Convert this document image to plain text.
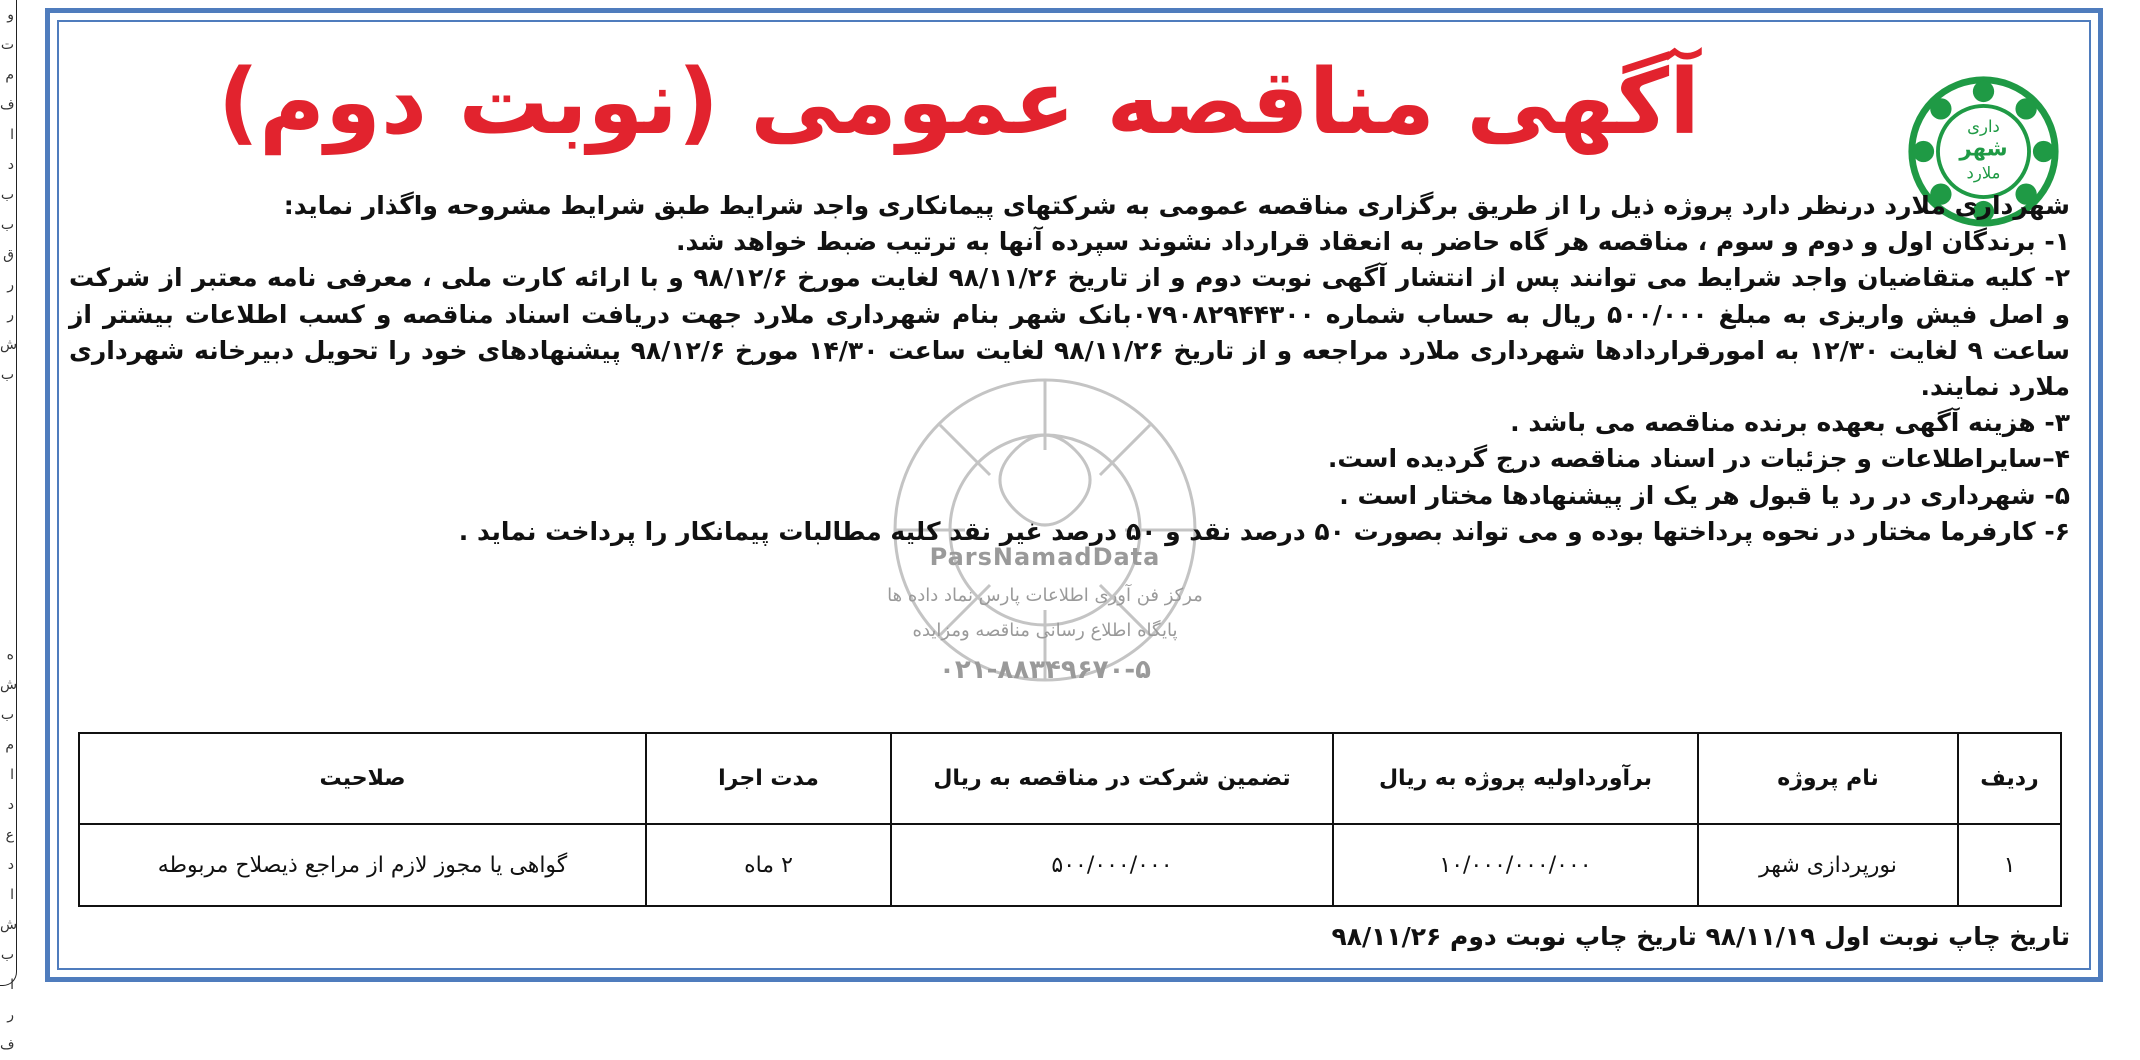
و
ت
م
ف
ا
د
ب
ب
ق
ر
ر
ش
ب
ه
ش
ب
م
ا
د
ع
د
ا
ش
ب
ا
ر
ف
داری
شهر
ملارد
آگهی مناقصه عمومی (نوبت دوم)
ParsNamadData
مرکز فن آوری اطلاعات پارس نماد داده ها
پایگاه اطلاع رسانی مناقصه ومزایده
۰۲۱-۸۸۳۴۹۶۷۰-۵

شهرداری ملارد درنظر دارد پروژه ذیل را از طریق برگزاری مناقصه عمومی به شرکتهای پیمانکاری واجد شرایط طبق شرایط مشروحه واگذار نماید:

۱- برندگان اول و دوم و سوم ، مناقصه هر گاه حاضر به انعقاد قرارداد نشوند سپرده آنها به ترتیب ضبط خواهد شد.

۲- کلیه متقاضیان واجد شرایط می توانند پس از انتشار آگهی نوبت دوم و از تاریخ ۹۸/۱۱/۲۶ لغایت مورخ ۹۸/۱۲/۶ و با ارائه کارت ملی ، معرفی نامه معتبر از شرکت و اصل فیش واریزی به مبلغ ۵۰۰/۰۰۰ ریال به حساب شماره ۰۷۹۰۸۲۹۴۴۳۰۰بانک شهر بنام شهرداری ملارد جهت دریافت اسناد مناقصه و کسب اطلاعات بیشتر از ساعت ۹ لغایت ۱۲/۳۰ به امورقراردادها شهرداری ملارد مراجعه و از تاریخ ۹۸/۱۱/۲۶ لغایت ساعت ۱۴/۳۰ مورخ ۹۸/۱۲/۶ پیشنهادهای خود را تحویل دبیرخانه شهرداری ملارد نمایند.

۳- هزینه آگهی بعهده برنده مناقصه می باشد .

۴–سایراطلاعات و جزئیات در اسناد مناقصه درج گردیده است.

۵- شهرداری در رد یا قبول هر یک از پیشنهادها مختار است .

۶- کارفرما مختار در نحوه پرداختها بوده و می تواند بصورت ۵۰ درصد نقد و ۵۰ درصد غیر نقد کلیه مطالبات پیمانکار را پرداخت نماید .

ردیف	نام پروژه	برآورداولیه پروژه به ریال	تضمین شرکت در مناقصه به ریال	مدت اجرا	صلاحیت
۱	نورپردازی شهر	۱۰/۰۰۰/۰۰۰/۰۰۰	۵۰۰/۰۰۰/۰۰۰	۲ ماه	گواهی یا مجوز لازم از مراجع ذیصلاح مربوطه
تاریخ چاپ نوبت اول ۹۸/۱۱/۱۹ تاریخ چاپ نوبت دوم ۹۸/۱۱/۲۶
